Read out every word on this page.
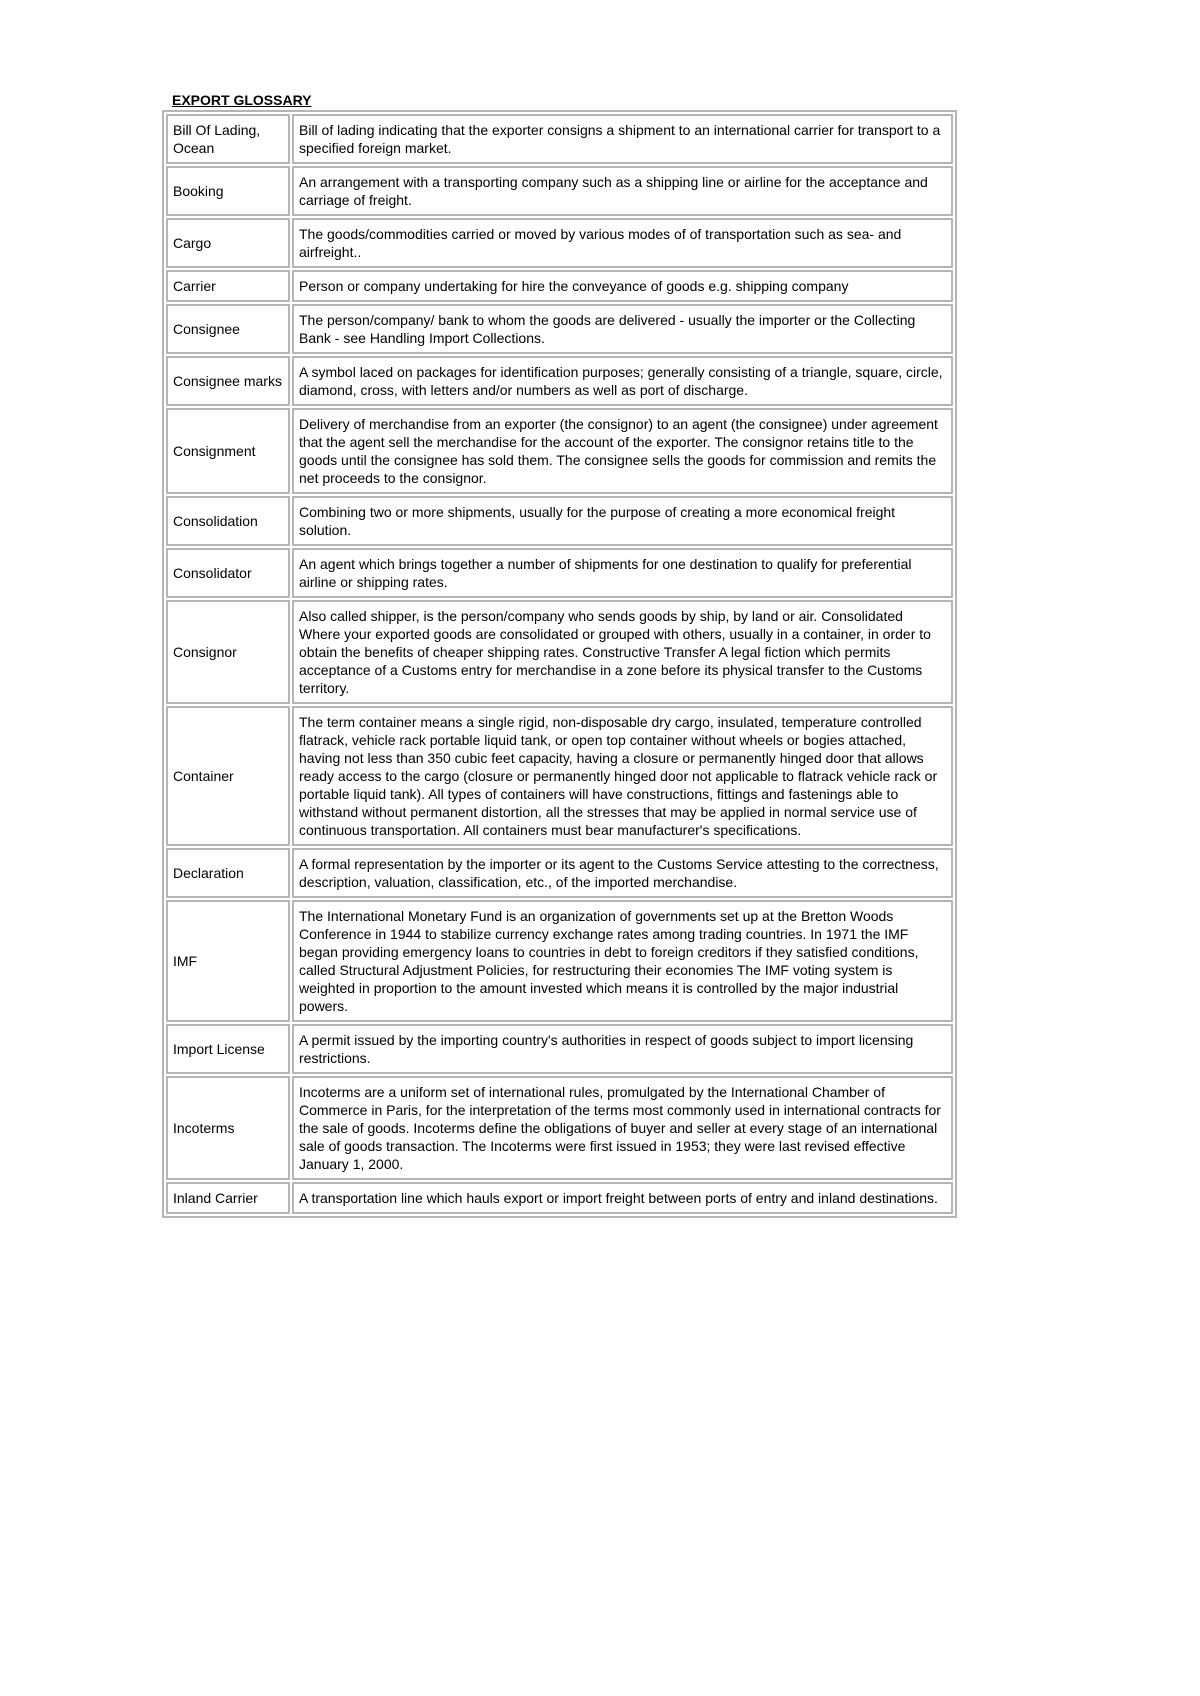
EXPORT GLOSSARY
Bill Of Lading, Ocean	Bill of lading indicating that the exporter consigns a shipment to an international carrier for transport to a specified foreign market.
Booking	An arrangement with a transporting company such as a shipping line or airline for the acceptance and carriage of freight.
Cargo	The goods/commodities carried or moved by various modes of of transportation such as sea- and airfreight..
Carrier	Person or company undertaking for hire the conveyance of goods e.g. shipping company
Consignee	The person/company/ bank to whom the goods are delivered - usually the importer or the Collecting Bank - see Handling Import Collections.
Consignee marks	A symbol laced on packages for identification purposes; generally consisting of a triangle, square, circle, diamond, cross, with letters and/or numbers as well as port of discharge.
Consignment	Delivery of merchandise from an exporter (the consignor) to an agent (the consignee) under agreement that the agent sell the merchandise for the account of the exporter. The consignor retains title to the goods until the consignee has sold them. The consignee sells the goods for commission and remits the net proceeds to the consignor.
Consolidation	Combining two or more shipments, usually for the purpose of creating a more economical freight solution.
Consolidator	An agent which brings together a number of shipments for one destination to qualify for preferential airline or shipping rates.
Consignor	Also called shipper, is the person/company who sends goods by ship, by land or air. Consolidated Where your exported goods are consolidated or grouped with others, usually in a container, in order to obtain the benefits of cheaper shipping rates. Constructive Transfer A legal fiction which permits acceptance of a Customs entry for merchandise in a zone before its physical transfer to the Customs territory.
Container	The term container means a single rigid, non-disposable dry cargo, insulated, temperature controlled flatrack, vehicle rack portable liquid tank, or open top container without wheels or bogies attached, having not less than 350 cubic feet capacity, having a closure or permanently hinged door that allows ready access to the cargo (closure or permanently hinged door not applicable to flatrack vehicle rack or portable liquid tank). All types of containers will have constructions, fittings and fastenings able to withstand without permanent distortion, all the stresses that may be applied in normal service use of continuous transportation. All containers must bear manufacturer's specifications.
Declaration	A formal representation by the importer or its agent to the Customs Service attesting to the correctness, description, valuation, classification, etc., of the imported merchandise.
IMF	The International Monetary Fund is an organization of governments set up at the Bretton Woods Conference in 1944 to stabilize currency exchange rates among trading countries. In 1971 the IMF began providing emergency loans to countries in debt to foreign creditors if they satisfied conditions, called Structural Adjustment Policies, for restructuring their economies The IMF voting system is weighted in proportion to the amount invested which means it is controlled by the major industrial powers.
Import License	A permit issued by the importing country's authorities in respect of goods subject to import licensing restrictions.
Incoterms	Incoterms are a uniform set of international rules, promulgated by the International Chamber of Commerce in Paris, for the interpretation of the terms most commonly used in international contracts for the sale of goods. Incoterms define the obligations of buyer and seller at every stage of an international sale of goods transaction. The Incoterms were first issued in 1953; they were last revised effective January 1, 2000.
Inland Carrier	A transportation line which hauls export or import freight between ports of entry and inland destinations.
